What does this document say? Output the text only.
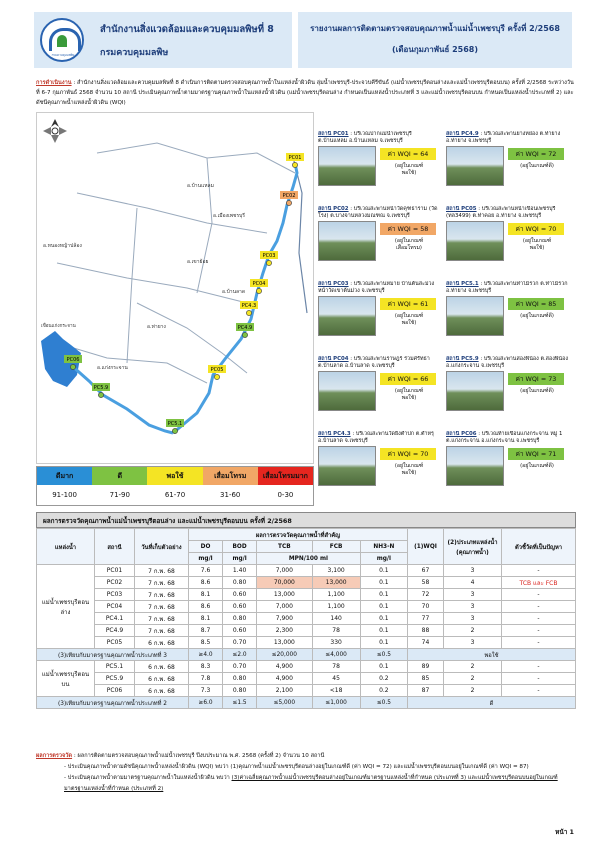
กรมควบคุมมลพิษ
สำนักงานสิ่งแวดล้อมและควบคุมมลพิษที่ 8
กรมควบคุมมลพิษ
รายงานผลการติดตามตรวจสอบคุณภาพน้ำแม่น้ำเพชรบุรี ครั้งที่ 2/2568
(เดือนกุมภาพันธ์ 2568)
การดำเนินงาน : สำนักงานสิ่งแวดล้อมและควบคุมมลพิษที่ 8 ดำเนินการติดตามตรวจสอบคุณภาพน้ำในแหล่งน้ำผิวดิน ลุ่มน้ำเพชรบุรี-ประจวบคีรีขันธ์ (แม่น้ำเพชรบุรีตอนล่างและแม่น้ำเพชรบุรีตอนบน) ครั้งที่ 2/2568 ระหว่างวันที่ 6-7 กุมภาพันธ์ 2568 จำนวน 10 สถานี ประเมินคุณภาพน้ำตามมาตรฐานคุณภาพน้ำในแหล่งน้ำผิวดิน (แม่น้ำเพชรบุรีตอนล่าง กำหนดเป็นแหล่งน้ำประเภทที่ 3 และแม่น้ำเพชรบุรีตอนบน กำหนดเป็นแหล่งน้ำประเภทที่ 2) และดัชนีคุณภาพน้ำแหล่งน้ำผิวดิน (WQI)
อ.บ้านแหลม
อ.เมืองเพชรบุรี
อ.เขาย้อย
อ.หนองหญ้าปล้อง
อ.ท่ายาง
อ.แก่งกระจาน
อ.บ้านลาด
เขื่อนแก่งกระจาน
PC01
PC02
PC03
PC04
PC4.3
PC4.9
PC05
PC5.1
PC5.9
PC06
ดีมาก
91-100
ดี
71-90
พอใช้
61-70
เสื่อมโทรม
31-60
เสื่อมโทรมมาก
0-30
สถานี PC01 : บริเวณปากแม่น้ำเพชรบุรี ต.บ้านแหลม อ.บ้านแหลม จ.เพชรบุรี
ค่า WQI = 64
(อยู่ในเกณฑ์
พอใช้)
สถานี PC4.9 : บริเวณสะพานยางหย่อง ต.ท่ายาง อ.ท่ายาง จ.เพชรบุรี
ค่า WQI = 72
(อยู่ในเกณฑ์ดี)
สถานี PC02 : บริเวณสะพานหน้าวัดคุฑธาราม (วัดโรง) ต.บางจานหลวงมณฑณ จ.เพชรบุรี
ค่า WQI = 58
(อยู่ในเกณฑ์
เสื่อมโทรม)
สถานี PC05 : บริเวณสะพานหน้าเขื่อนเพชรบุรี (ทล3499) ต.ท่าคอย อ.ท่ายาง จ.เพชรบุรี
ค่า WQI = 70
(อยู่ในเกณฑ์
พอใช้)
สถานี PC03 : บริเวณสะพานหมาย บ้านต้นสะม่วงหน้าวัดเขาต้นม่วง จ.เพชรบุรี
ค่า WQI = 61
(อยู่ในเกณฑ์
พอใช้)
สถานี PC5.1 : บริเวณสะพานท่าไม้รวก ต.ท่าไม้รวก อ.ท่ายาง จ.เพชรบุรี
ค่า WQI = 85
(อยู่ในเกณฑ์ดี)
สถานี PC04 : บริเวณสะพานราษฎร์ ร่วมศรัทธา ต.บ้านลาด อ.บ้านลาด จ.เพชรบุรี
ค่า WQI = 66
(อยู่ในเกณฑ์
พอใช้)
สถานี PC5.9 : บริเวณสะพานสองพี่น้อง ต.สองพี่น้อง อ.แก่งกระจาน จ.เพชรบุรี
ค่า WQI = 73
(อยู่ในเกณฑ์ดี)
สถานี PC4.3 : บริเวณสะพานวัดยิงตำปก ต.ตำหรุ อ.บ้านลาด จ.เพชรบุรี
ค่า WQI = 70
(อยู่ในเกณฑ์
พอใช้)
สถานี PC06 : บริเวณท้ายเขื่อนแก่งกระจาน หมู่ 1 ต.แก่งกระจาน อ.แก่งกระจาน จ.เพชรบุรี
ค่า WQI = 71
(อยู่ในเกณฑ์ดี)
ผลการตรวจวัดคุณภาพน้ำแม่น้ำเพชรบุรีตอนล่าง และแม่น้ำเพชรบุรีตอนบน ครั้งที่ 2/2568
แหล่งน้ำ	สถานี	วันที่เก็บตัวอย่าง	ผลการตรวจวัดคุณภาพน้ำที่สำคัญ					(1)WQI	(2)ประเภทแหล่งน้ำ (คุณภาพน้ำ)	ตัวชี้วัดที่เป็นปัญหา
			DO	BOD	TCB	FCB	NH3-N			
			mg/l	mg/l	MPN/100 ml		mg/l			
แม่น้ำเพชรบุรีตอนล่าง	PC01	7 ก.พ. 68	7.6	1.40	7,000	3,100	0.1	67	3	-
	PC02	7 ก.พ. 68	8.6	0.80	70,000	13,000	0.1	58	4	TCB และ FCB
	PC03	7 ก.พ. 68	8.1	0.60	13,000	1,100	0.1	72	3	-
	PC04	7 ก.พ. 68	8.6	0.60	7,000	1,100	0.1	70	3	-
	PC4.1	7 ก.พ. 68	8.1	0.80	7,900	140	0.1	77	3	-
	PC4.9	7 ก.พ. 68	8.7	0.60	2,300	78	0.1	88	2	-
	PC05	6 ก.พ. 68	8.5	0.70	13,000	330	0.1	74	3	-
(3)เทียบกับมาตรฐานคุณภาพน้ำประเภทที่ 3			≥4.0	≤2.0	≤20,000	≤4,000	≤0.5	พอใช้		
แม่น้ำเพชรบุรีตอนบน	PC5.1	6 ก.พ. 68	8.3	0.70	4,900	78	0.1	89	2	-
	PC5.9	6 ก.พ. 68	7.8	0.80	4,900	45	0.2	85	2	-
	PC06	6 ก.พ. 68	7.3	0.80	2,100	<18	0.2	87	2	-
(3)เทียบกับมาตรฐานคุณภาพน้ำประเภทที่ 2			≥6.0	≤1.5	≤5,000	≤1,000	≤0.5	ดี		
ผลการตรวจวัด : ผลการติดตามตรวจสอบคุณภาพน้ำแม่น้ำเพชรบุรี ปีงบประมาณ พ.ศ. 2568 (ครั้งที่ 2) จำนวน 10 สถานี
- ประเมินคุณภาพน้ำตามดัชนีคุณภาพน้ำแหล่งน้ำผิวดิน (WQI) พบว่า (1)คุณภาพน้ำแม่น้ำเพชรบุรีตอนล่างอยู่ในเกณฑ์ดี (ค่า WQI = 72) และแม่น้ำเพชรบุรีตอนบนอยู่ในเกณฑ์ดี (ค่า WQI = 87)
- ประเมินคุณภาพน้ำตามมาตรฐานคุณภาพน้ำในแหล่งน้ำผิวดิน พบว่า (3)ค่าเฉลี่ยคุณภาพน้ำแม่น้ำเพชรบุรีตอนล่างอยู่ในเกณฑ์มาตรฐานแหล่งน้ำที่กำหนด (ประเภทที่ 3) และแม่น้ำเพชรบุรีตอนบนอยู่ในเกณฑ์มาตรฐานแหล่งน้ำที่กำหนด (ประเภทที่ 2)
หน้า 1
